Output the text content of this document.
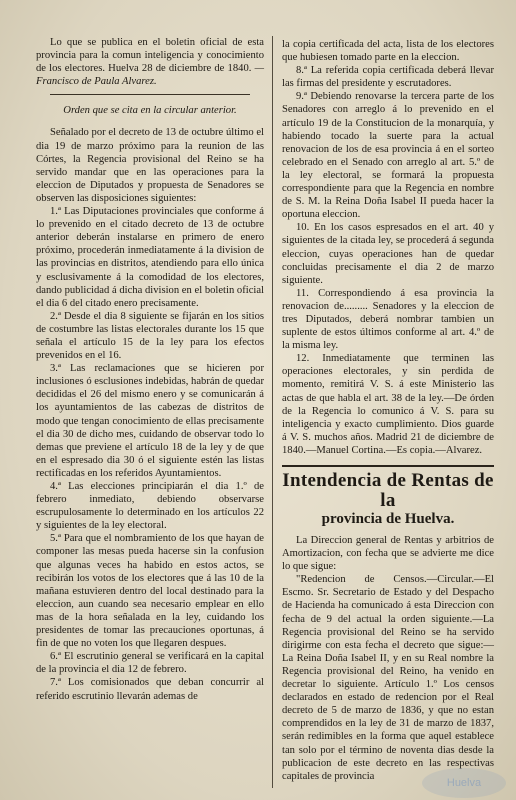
Lo que se publica en el boletin oficial de esta provincia para la comun inteligencia y conocimiento de los electores. Huelva 28 de diciembre de 1840. —Francisco de Paula Alvarez.

Orden que se cita en la circular anterior.

Señalado por el decreto de 13 de octubre último el dia 19 de marzo próximo para la reunion de las Córtes, la Regencia provisional del Reino se ha servido mandar que en las operaciones para la eleccion de Diputados y propuesta de Senadores se observen las disposiciones siguientes:

1.ª Las Diputaciones provinciales que conforme á lo prevenido en el citado decreto de 13 de octubre anterior deberán instalarse en primero de enero próximo, procederán inmediatamente á la division de las provincias en distritos, atendiendo para ello única y esclusivamente á la comodidad de los electores, dando publicidad á dicha division en el boletin oficial el dia 6 del citado enero precisamente.

2.ª Desde el dia 8 siguiente se fijarán en los sitios de costumbre las listas electorales durante los 15 que señala el artículo 15 de la ley para los efectos prevenidos en el 16.

3.ª Las reclamaciones que se hicieren por inclusiones ó esclusiones indebidas, habrán de quedar decididas el 26 del mismo enero y se comunicarán á los ayuntamientos de las cabezas de distritos de modo que tengan conocimiento de ellas precisamente el dia 30 de dicho mes, cuidando de observar todo lo demas que previene el artículo 18 de la ley y de que en el espresado dia 30 ó el siguiente estén las listas rectificadas en los referidos Ayuntamientos.

4.ª Las elecciones principiarán el dia 1.º de febrero inmediato, debiendo observarse escrupulosamente lo determinado en los artículos 22 y siguientes de la ley electoral.

5.ª Para que el nombramiento de los que hayan de componer las mesas pueda hacerse sin la confusion que algunas veces ha habido en estos actos, se recibirán los votos de los electores que á las 10 de la mañana estuvieren dentro del local destinado para la eleccion, aun cuando sea necesario emplear en ello mas de la hora señalada en la ley, cuidando los presidentes de tomar las precauciones oportunas, á fin de que no voten los que llegaren despues.

6.ª El escrutinio general se verificará en la capital de la provincia el dia 12 de febrero.

7.ª Los comisionados que deban concurrir al referido escrutinio llevarán ademas de

la copia certificada del acta, lista de los electores que hubiesen tomado parte en la eleccion.

8.ª La referida copia certificada deberá llevar las firmas del presidente y escrutadores.

9.ª Debiendo renovarse la tercera parte de los Senadores con arreglo á lo prevenido en el artículo 19 de la Constitucion de la monarquía, y habiendo tocado la suerte para la actual renovacion de los de esa provincia á en el sorteo celebrado en el Senado con arreglo al art. 5.º de la ley electoral, se formará la propuesta correspondiente para que la Regencia en nombre de S. M. la Reina Doña Isabel II pueda hacer la oportuna eleccion.

10. En los casos espresados en el art. 40 y siguientes de la citada ley, se procederá á segunda eleccion, cuyas operaciones han de quedar concluidas precisamente el dia 2 de marzo siguiente.

11. Correspondiendo á esa provincia la renovacion de......... Senadores y la eleccion de tres Diputados, deberá nombrar tambien un suplente de estos últimos conforme al art. 4.º de la misma ley.

12. Inmediatamente que terminen las operaciones electorales, y sin perdida de momento, remitirá V. S. á este Ministerio las actas de que habla el art. 38 de la ley.—De órden de la Regencia lo comunico á V. S. para su inteligencia y exacto cumplimiento. Dios guarde á V. S. muchos años. Madrid 21 de diciembre de 1840.—Manuel Cortina.—Es copia.—Alvarez.

Intendencia de Rentas de la
provincia de Huelva.

La Direccion general de Rentas y arbitrios de Amortizacion, con fecha que se advierte me dice lo que sigue:

"Redencion de Censos.—Circular.—El Escmo. Sr. Secretario de Estado y del Despacho de Hacienda ha comunicado á esta Direccion con fecha de 9 del actual la orden siguiente.—La Regencia provisional del Reino se ha servido dirigirme con esta fecha el decreto que sigue:—La Reina Doña Isabel II, y en su Real nombre la Regencia provisional del Reino, ha venido en decretar lo siguiente. Artículo 1.º Los censos declarados en estado de redencion por el Real decreto de 5 de marzo de 1836, y que no estan comprendidos en la ley de 31 de marzo de 1837, serán redimibles en la forma que aquel establece tan solo por el término de noventa dias desde la publicacion de este decreto en las respectivas capitales de provincia

Huelva
